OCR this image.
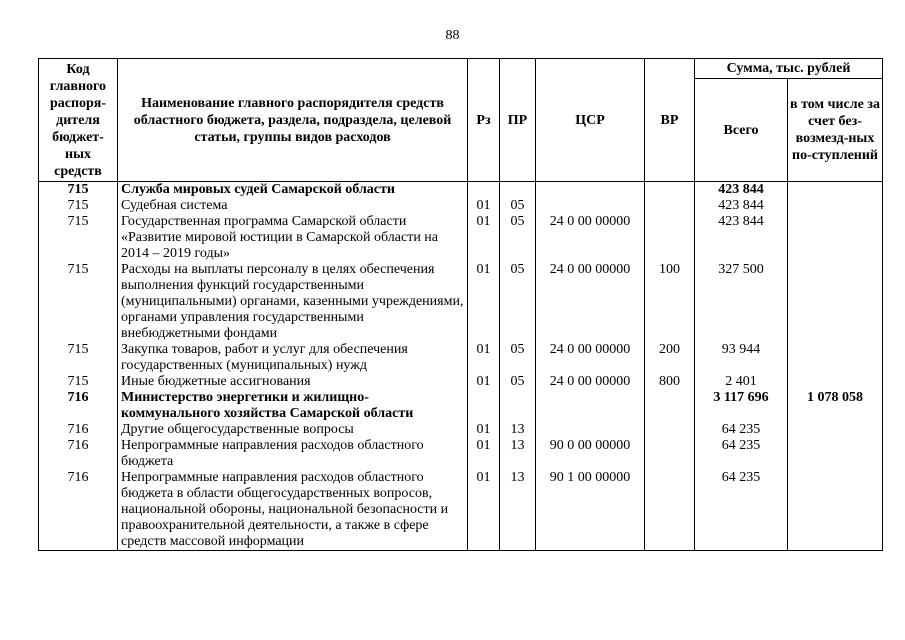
88
Код главного распоря-дителя бюджет-ных средств	Наименование главного распорядителя средств областного бюджета, раздела, подраздела, целевой статьи, группы видов расходов	Рз	ПР	ЦСР	ВР	Сумма, тыс. рублей	
						Всего	в том числе за счет без-возмезд-ных по-ступлений
715	Служба мировых судей Самарской области					423 844	
715	Судебная система	01	05			423 844	
715	Государственная программа Самарской области «Развитие мировой юстиции в Самарской области на 2014 – 2019 годы»	01	05	24 0 00 00000		423 844	
715	Расходы на выплаты персоналу в целях обеспечения выполнения функций государственными (муниципальными) органами, казенными учреждениями, органами управления государственными внебюджетными фондами	01	05	24 0 00 00000	100	327 500	
715	Закупка товаров, работ и услуг для обеспечения государственных (муниципальных) нужд	01	05	24 0 00 00000	200	93 944	
715	Иные бюджетные ассигнования	01	05	24 0 00 00000	800	2 401	
716	Министерство энергетики и жилищно-коммунального хозяйства Самарской области					3 117 696	1 078 058
716	Другие общегосударственные вопросы	01	13			64 235	
716	Непрограммные направления расходов областного бюджета	01	13	90 0 00 00000		64 235	
716	Непрограммные направления расходов областного бюджета в области общегосударственных вопросов, национальной обороны, национальной безопасности и правоохранительной деятельности, а также в сфере средств массовой информации	01	13	90 1 00 00000		64 235	
